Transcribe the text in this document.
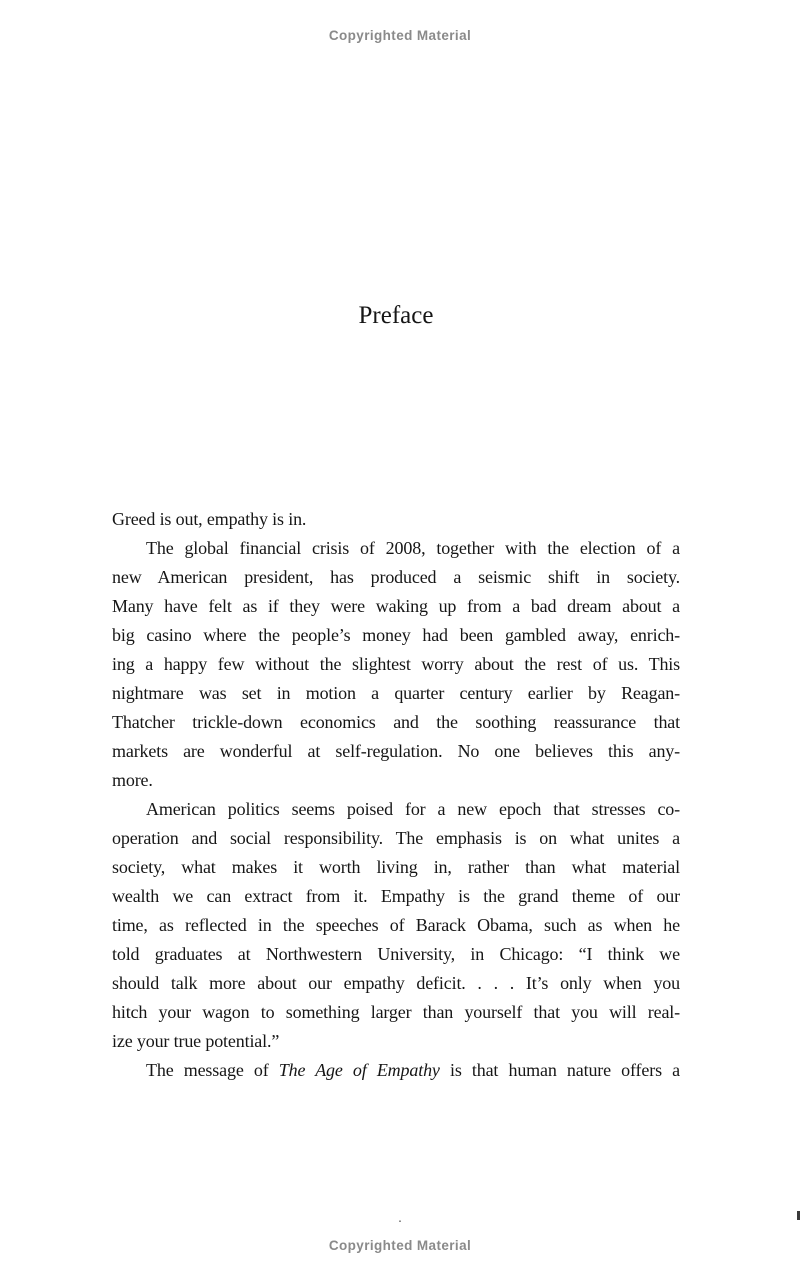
Copyrighted Material
Preface
Greed is out, empathy is in.
The global financial crisis of 2008, together with the election of a
new American president, has produced a seismic shift in society.
Many have felt as if they were waking up from a bad dream about a
big casino where the people’s money had been gambled away, enrich-
ing a happy few without the slightest worry about the rest of us. This
nightmare was set in motion a quarter century earlier by Reagan-
Thatcher trickle-down economics and the soothing reassurance that
markets are wonderful at self-regulation. No one believes this any-
more.
American politics seems poised for a new epoch that stresses co-
operation and social responsibility. The emphasis is on what unites a
society, what makes it worth living in, rather than what material
wealth we can extract from it. Empathy is the grand theme of our
time, as reflected in the speeches of Barack Obama, such as when he
told graduates at Northwestern University, in Chicago: “I think we
should talk more about our empathy deficit. . . . It’s only when you
hitch your wagon to something larger than yourself that you will real-
ize your true potential.”
The message of The Age of Empathy is that human nature offers a
.
Copyrighted Material
